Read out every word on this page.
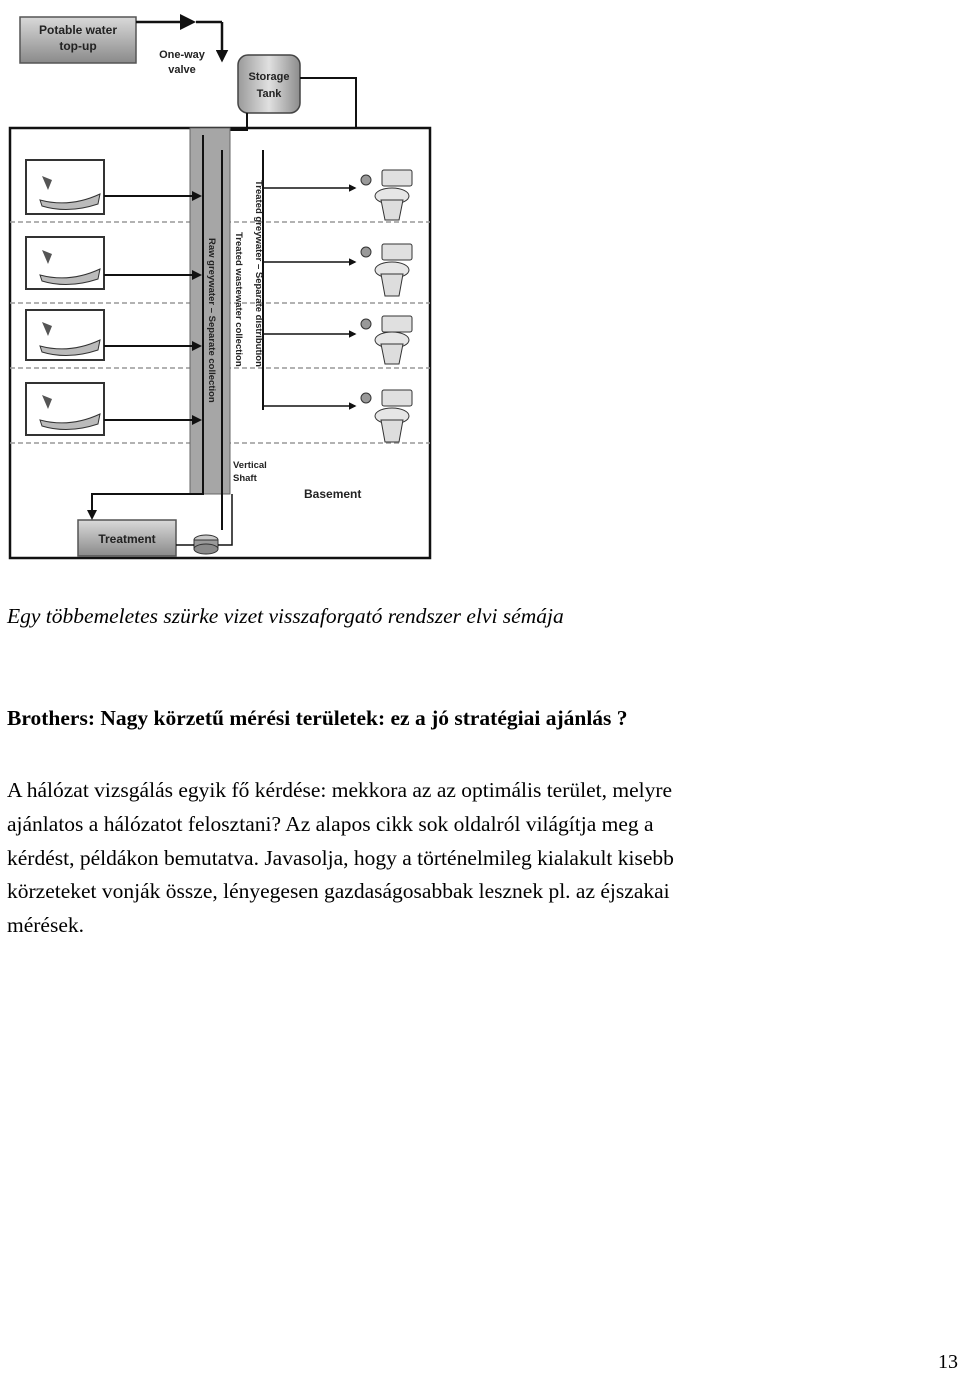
Potable water
top-up
One-way
valve
Storage
Tank
Treated greywater – Separate distribution
Treated wastewater collection
Raw greywater – Separate collection
Vertical
Shaft
Basement
Treatment

Egy többemeletes szürke vizet visszaforgató rendszer elvi sémája

Brothers: Nagy körzetű mérési területek: ez a jó stratégiai ajánlás ?

A hálózat vizsgálás egyik fő kérdése: mekkora az az optimális terület, melyre
ajánlatos a hálózatot felosztani? Az alapos cikk sok oldalról világítja meg a
kérdést, példákon bemutatva. Javasolja, hogy a történelmileg kialakult kisebb
körzeteket vonják össze, lényegesen gazdaságosabbak lesznek pl. az éjszakai
mérések.

13
